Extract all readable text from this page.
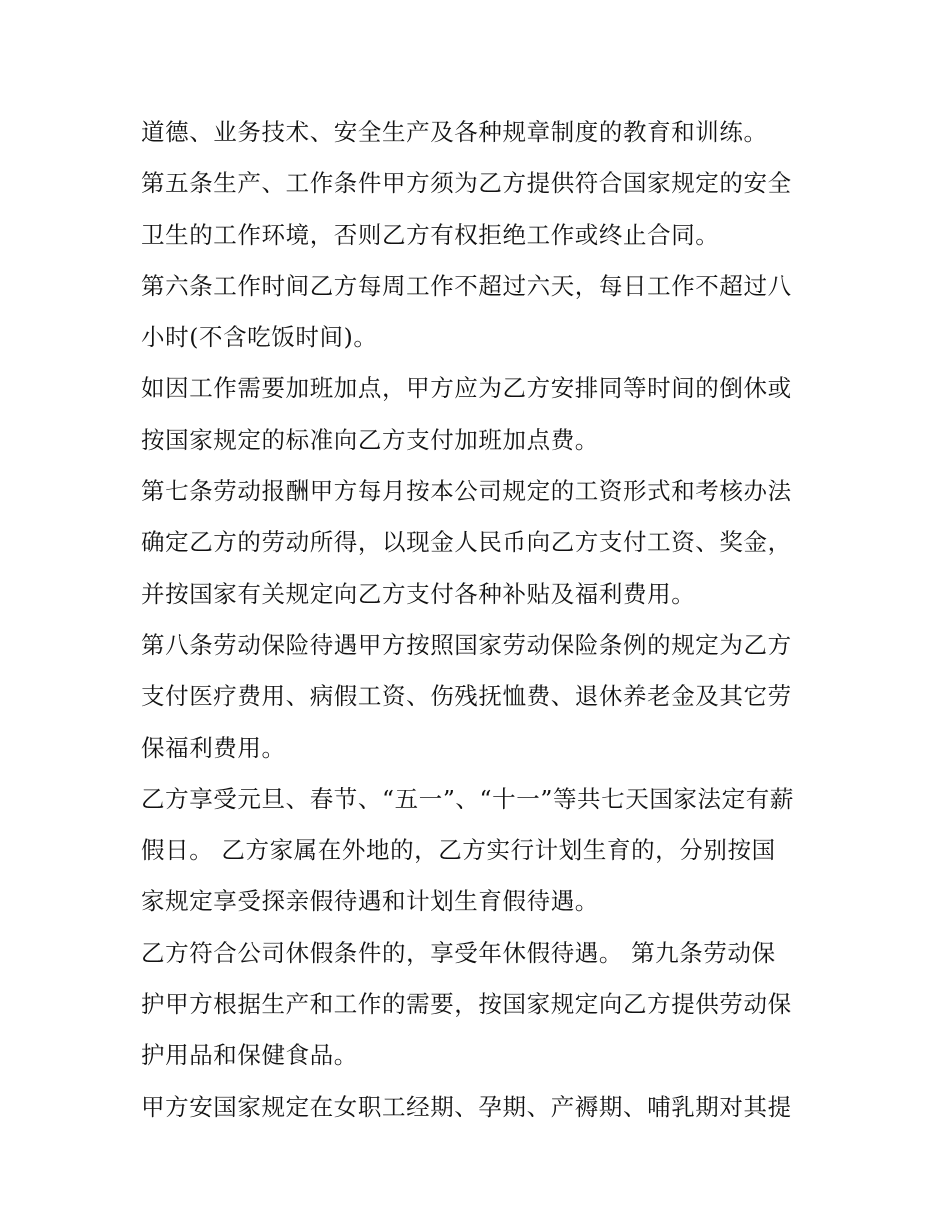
道德、业务技术、安全生产及各种规章制度的教育和训练。
第五条生产、工作条件甲方须为乙方提供符合国家规定的安全
卫生的工作环境，否则乙方有权拒绝工作或终止合同。
第六条工作时间乙方每周工作不超过六天，每日工作不超过八
小时(不含吃饭时间)。
如因工作需要加班加点，甲方应为乙方安排同等时间的倒休或
按国家规定的标准向乙方支付加班加点费。
第七条劳动报酬甲方每月按本公司规定的工资形式和考核办法
确定乙方的劳动所得，以现金人民币向乙方支付工资、奖金，
并按国家有关规定向乙方支付各种补贴及福利费用。
第八条劳动保险待遇甲方按照国家劳动保险条例的规定为乙方
支付医疗费用、病假工资、伤残抚恤费、退休养老金及其它劳
保福利费用。
乙方享受元旦、春节、“五一”、“十一”等共七天国家法定有薪
假日。 乙方家属在外地的，乙方实行计划生育的，分别按国
家规定享受探亲假待遇和计划生育假待遇。
乙方符合公司休假条件的，享受年休假待遇。 第九条劳动保
护甲方根据生产和工作的需要，按国家规定向乙方提供劳动保
护用品和保健食品。
甲方安国家规定在女职工经期、孕期、产褥期、哺乳期对其提
